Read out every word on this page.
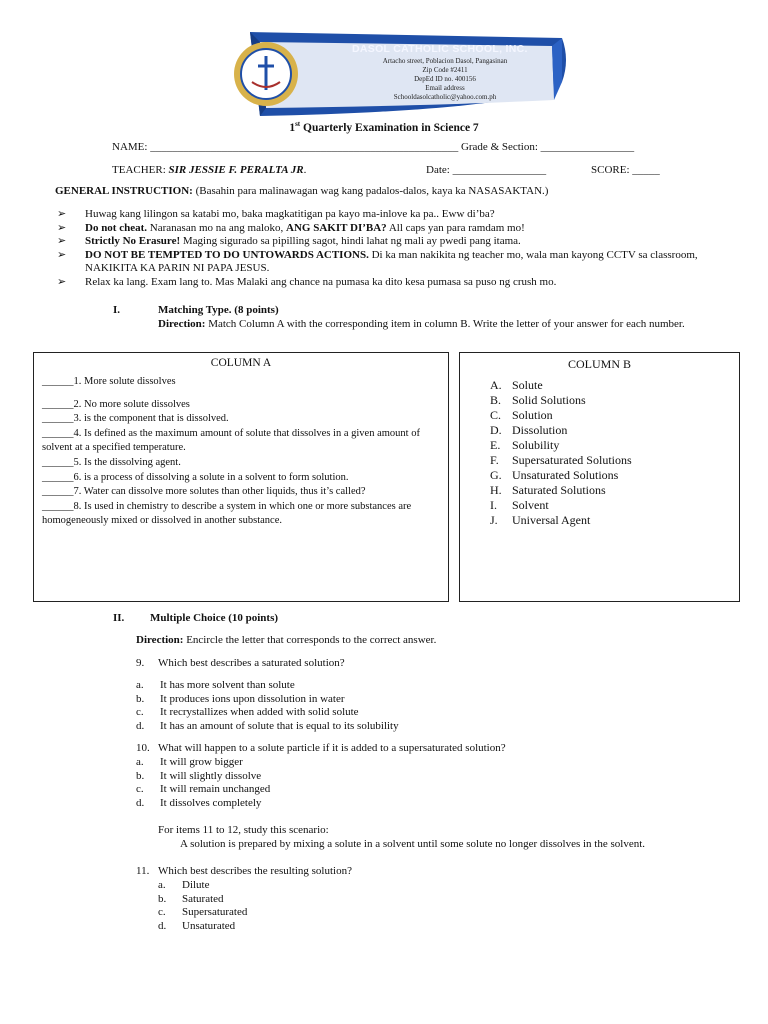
DASOL CATHOLIC SCHOOL, INC.
Artacho street, Poblacion Dasol, Pangasinan
Zip Code #2411
DepEd ID no. 400156
Email address
Schooldasolcatholic@yahoo.com.ph
1st Quarterly Examination in Science 7
NAME: ________________________________________________________ Grade & Section: _________________
TEACHER: SIR JESSIE F. PERALTA JR.	Date: _________________	SCORE: _____
GENERAL INSTRUCTION: (Basahin para malinawagan wag kang padalos-dalos, kaya ka NASASAKTAN.)
➢ Huwag kang lilingon sa katabi mo, baka magkatitigan pa kayo ma-inlove ka pa.. Eww di’ba?
➢ Do not cheat. Naranasan mo na ang maloko, ANG SAKIT DI’BA? All caps yan para ramdam mo!
➢ Strictly No Erasure! Maging sigurado sa pipilling sagot, hindi lahat ng mali ay pwedi pang itama.
➢ DO NOT BE TEMPTED TO DO UNTOWARDS ACTIONS. Di ka man nakikita ng teacher mo, wala man kayong CCTV sa classroom, NAKIKITA KA PARIN NI PAPA JESUS.
➢ Relax ka lang. Exam lang to. Mas Malaki ang chance na pumasa ka dito kesa pumasa sa puso ng crush mo.
I.	Matching Type. (8 points)
Direction: Match Column A with the corresponding item in column B. Write the letter of your answer for each number.
COLUMN A
______1. More solute dissolves
______2. No more solute dissolves
______3. is the component that is dissolved.
______4. Is defined as the maximum amount of solute that dissolves in a given amount of solvent at a specified temperature.
______5. Is the dissolving agent.
______6. is a process of dissolving a solute in a solvent to form solution.
______7. Water can dissolve more solutes than other liquids, thus it’s called?
______8. Is used in chemistry to describe a system in which one or more substances are homogeneously mixed or dissolved in another substance.
COLUMN B
A. Solute
B. Solid Solutions
C. Solution
D. Dissolution
E. Solubility
F.	Supersaturated Solutions
G. Unsaturated Solutions
H. Saturated Solutions
I.	Solvent
J.	Universal Agent
II. Multiple Choice (10 points)
Direction: Encircle the letter that corresponds to the correct answer.
9. Which best describes a saturated solution?
a.	It has more solvent than solute
b.	It produces ions upon dissolution in water
c.	It recrystallizes when added with solid solute
d.	It has an amount of solute that is equal to its solubility
10. What will happen to a solute particle if it is added to a supersaturated solution?
a.	It will grow bigger
b.	It will slightly dissolve
c.	It will remain unchanged
d.	It dissolves completely
For items 11 to 12, study this scenario:
A solution is prepared by mixing a solute in a solvent until some solute no longer dissolves in the solvent.
11. Which best describes the resulting solution?
a.	Dilute
b.	Saturated
c.	Supersaturated
d.	Unsaturated
